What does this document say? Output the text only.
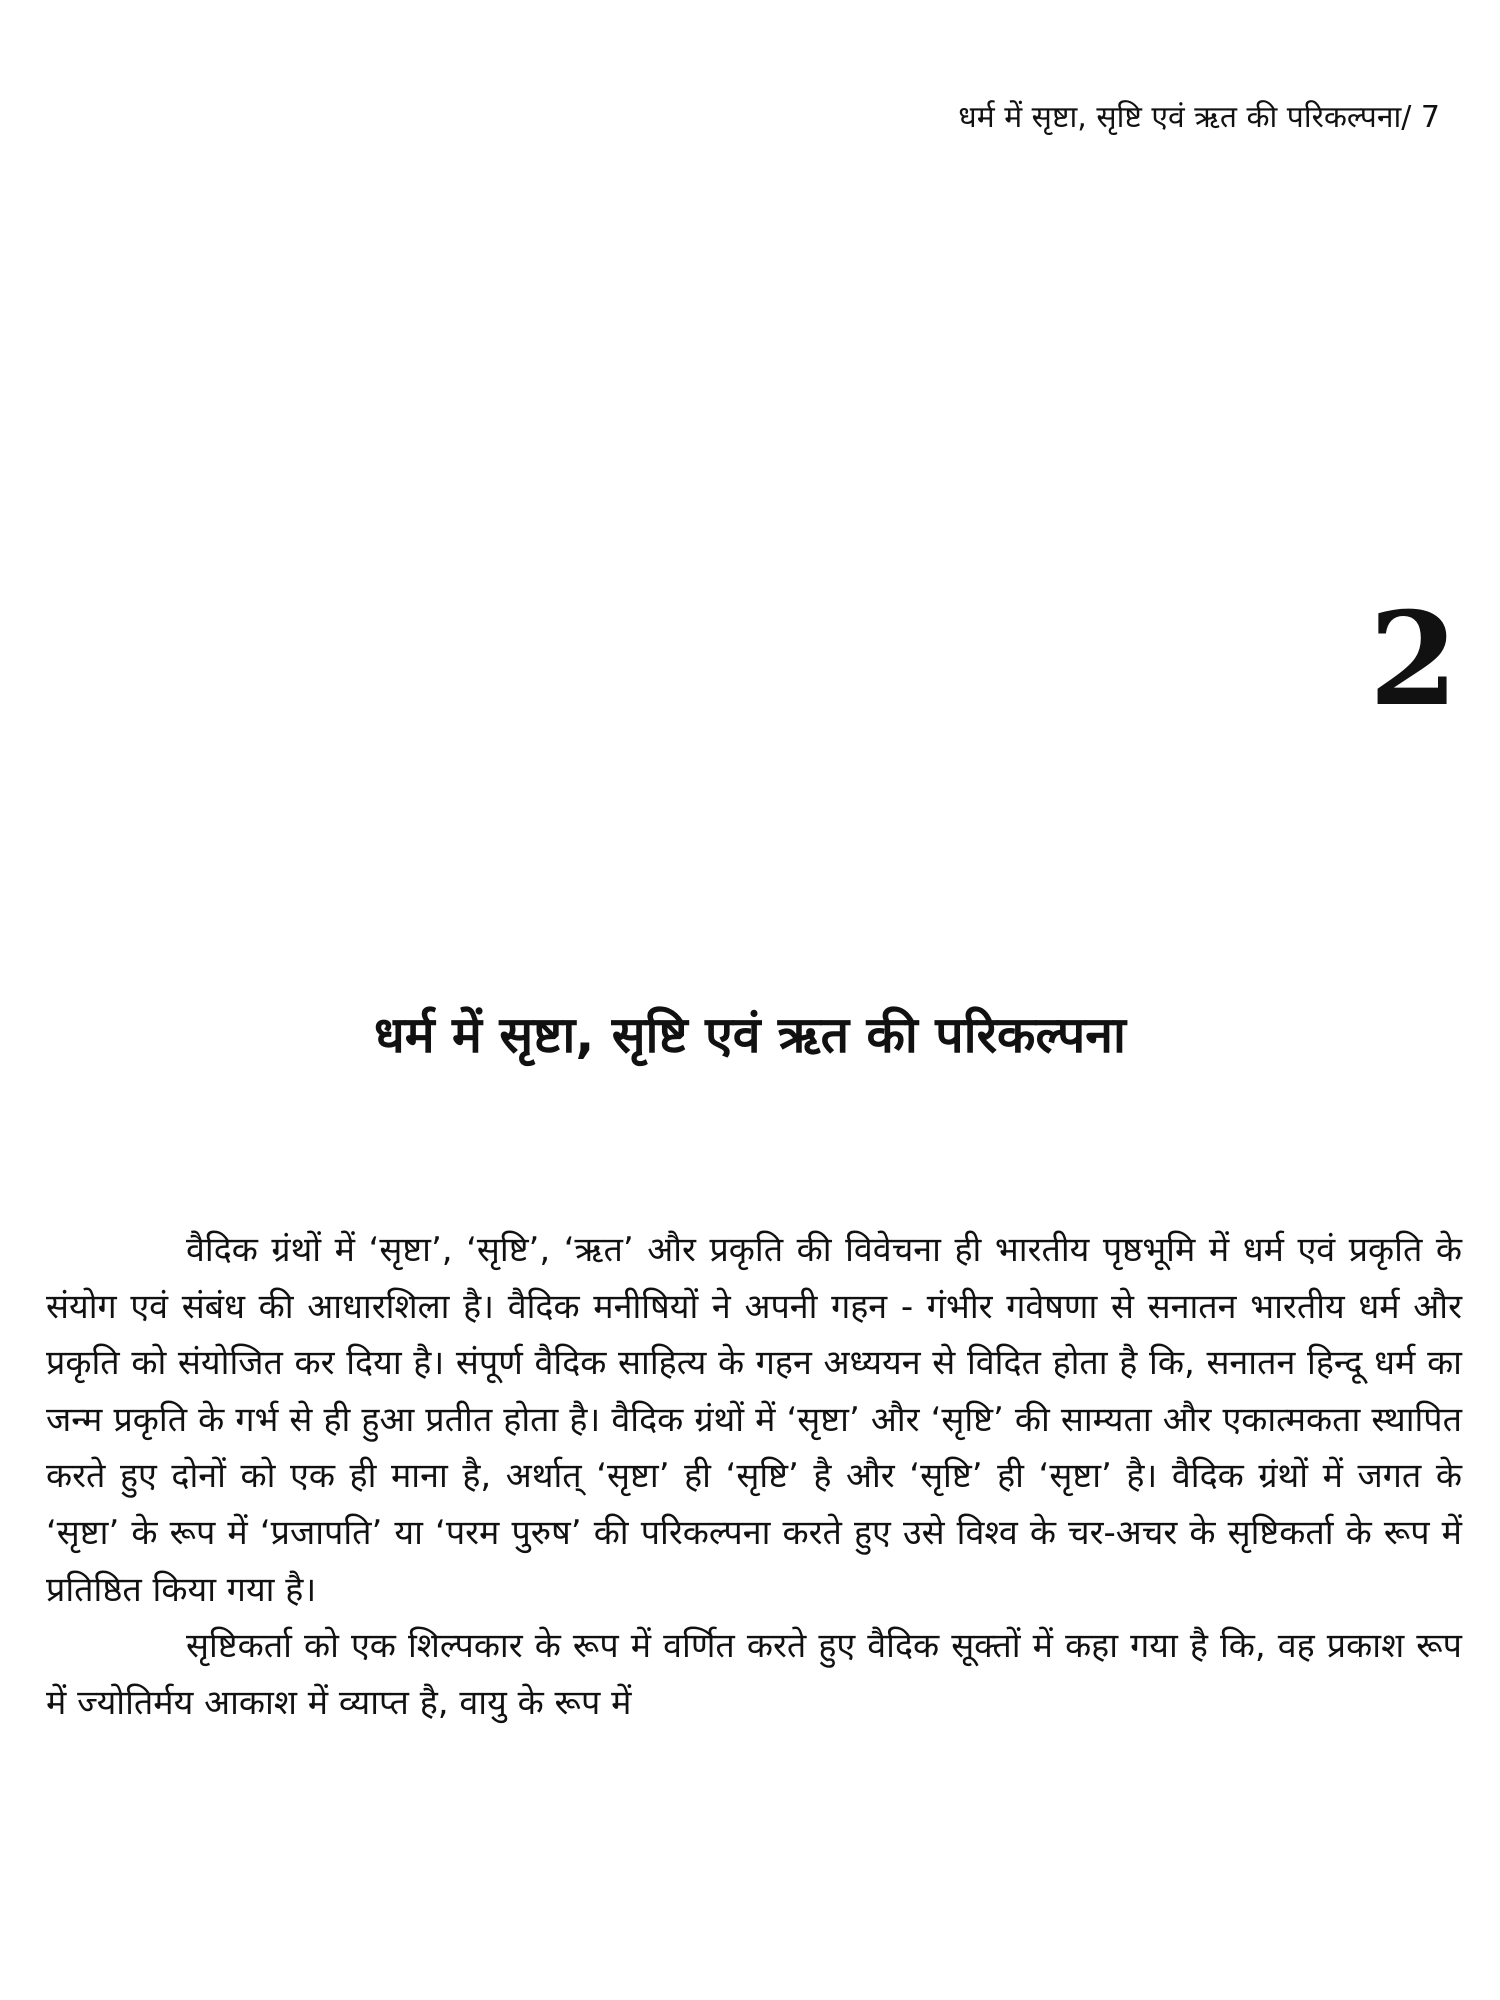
धर्म में सृष्टा, सृष्टि एवं ऋत की परिकल्पना/ 7
2
धर्म में सृष्टा, सृष्टि एवं ऋत की परिकल्पना

वैदिक ग्रंथों में ‘सृष्टा’, ‘सृष्टि’, ‘ऋत’ और प्रकृति की विवेचना ही भारतीय पृष्ठभूमि में धर्म एवं प्रकृति के संयोग एवं संबंध की आधारशिला है। वैदिक मनीषियों ने अपनी गहन - गंभीर गवेषणा से सनातन भारतीय धर्म और प्रकृति को संयोजित कर दिया है। संपूर्ण वैदिक साहित्य के गहन अध्ययन से विदित होता है कि, सनातन हिन्दू धर्म का जन्म प्रकृति के गर्भ से ही हुआ प्रतीत होता है। वैदिक ग्रंथों में ‘सृष्टा’ और ‘सृष्टि’ की साम्यता और एकात्मकता स्थापित करते हुए दोनों को एक ही माना है, अर्थात् ‘सृष्टा’ ही ‘सृष्टि’ है और ‘सृष्टि’ ही ‘सृष्टा’ है। वैदिक ग्रंथों में जगत के ‘सृष्टा’ के रूप में ‘प्रजापति’ या ‘परम पुरुष’ की परिकल्पना करते हुए उसे विश्व के चर-अचर के सृष्टिकर्ता के रूप में प्रतिष्ठित किया गया है।

सृष्टिकर्ता को एक शिल्पकार के रूप में वर्णित करते हुए वैदिक सूक्तों में कहा गया है कि, वह प्रकाश रूप में ज्योतिर्मय आकाश में व्याप्त है, वायु के रूप में
